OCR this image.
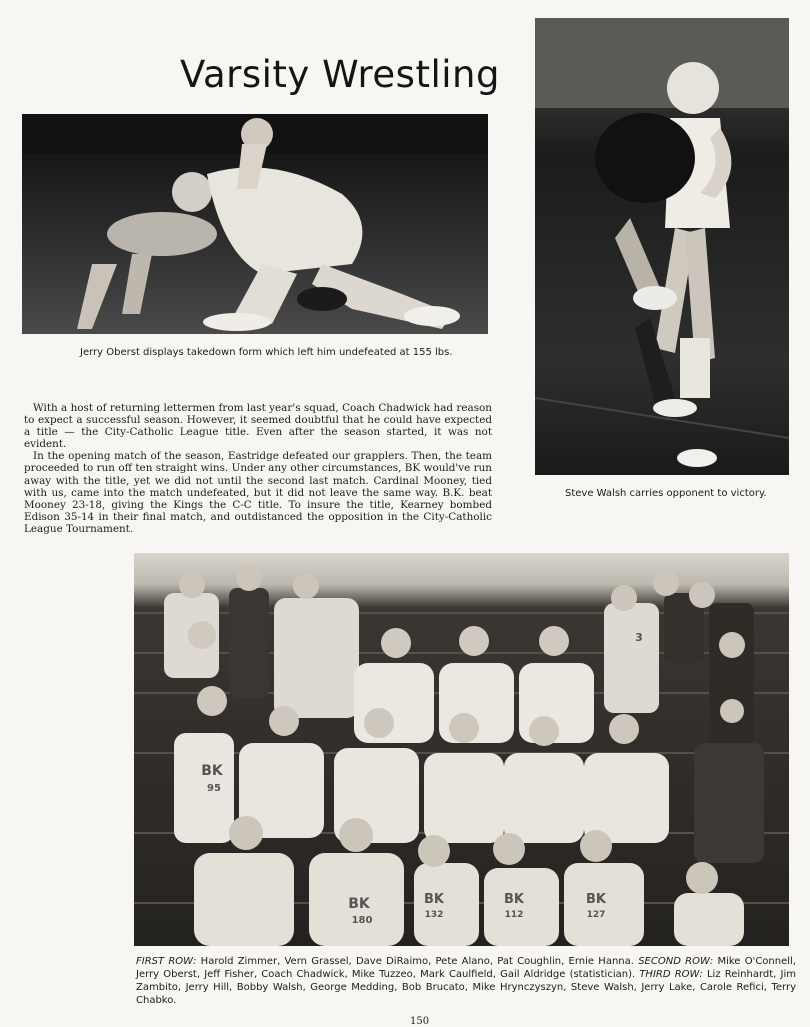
Varsity Wrestling
Jerry Oberst displays takedown form which left him undefeated at 155 lbs.
Steve Walsh carries opponent to victory.

With a host of returning lettermen from last year's squad, Coach Chadwick had reason to expect a successful season. However, it seemed doubtful that he could have expected a title — the City-Catholic League title. Even after the season started, it was not evident.

In the opening match of the season, Eastridge defeated our grapplers. Then, the team proceeded to run off ten straight wins. Under any other circumstances, BK would've run away with the title, yet we did not until the second last match. Cardinal Mooney, tied with us, came into the match undefeated, but it did not leave the same way. B.K. beat Mooney 23-18, giving the Kings the C-C title. To insure the title, Kearney bombed Edison 35-14 in their final match, and outdistanced the opposition in the City-Catholic League Tournament.

BK
95
BK
180
BK
132
BK
127
BK
112
3
FIRST ROW: Harold Zimmer, Vern Grassel, Dave DiRaimo, Pete Alano, Pat Coughlin, Ernie Hanna. SECOND ROW: Mike O'Connell, Jerry Oberst, Jeff Fisher, Coach Chadwick, Mike Tuzzeo, Mark Caulfield, Gail Aldridge (statistician). THIRD ROW: Liz Reinhardt, Jim Zambito, Jerry Hill, Bobby Walsh, George Medding, Bob Brucato, Mike Hrynczyszyn, Steve Walsh, Jerry Lake, Carole Refici, Terry Chabko.
150
